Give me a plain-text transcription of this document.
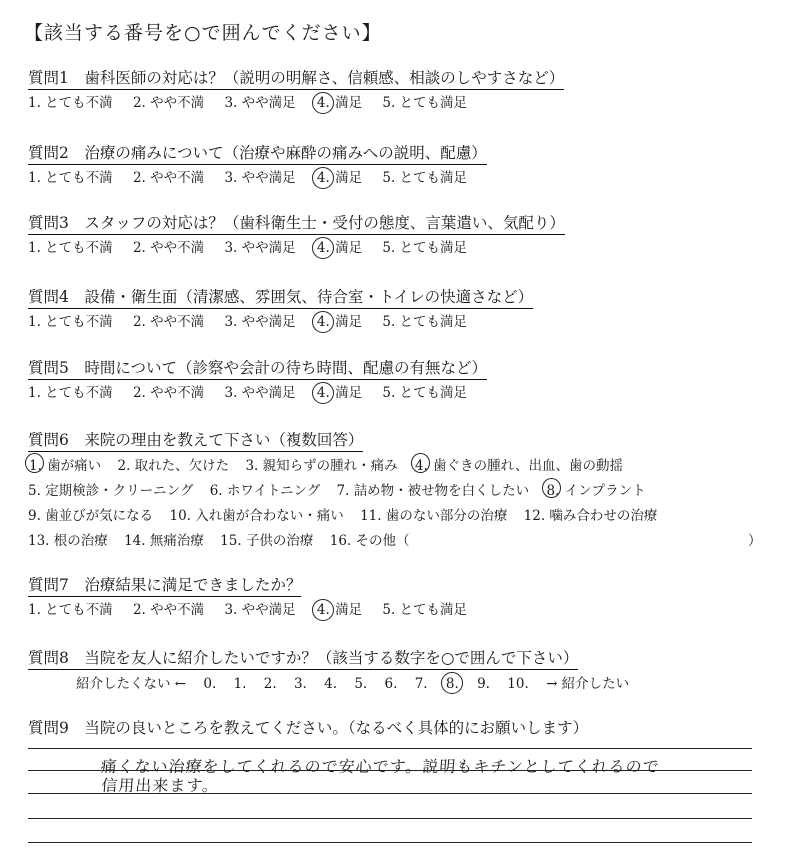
【該当する番号を○で囲んでください】
質問1　歯科医師の対応は？（説明の明解さ、信頼感、相談のしやすさなど）
1. とても不満 2. やや不満 3. やや満足 4. 満足 5. とても満足
質問2　治療の痛みについて（治療や麻酔の痛みへの説明、配慮）
1. とても不満 2. やや不満 3. やや満足 4. 満足 5. とても満足
質問3　スタッフの対応は？（歯科衛生士・受付の態度、言葉遣い、気配り）
1. とても不満 2. やや不満 3. やや満足 4. 満足 5. とても満足
質問4　設備・衛生面（清潔感、雰囲気、待合室・トイレの快適さなど）
1. とても不満 2. やや不満 3. やや満足 4. 満足 5. とても満足
質問5　時間について（診察や会計の待ち時間、配慮の有無など）
1. とても不満 2. やや不満 3. やや満足 4. 満足 5. とても満足
質問6　来院の理由を教えて下さい（複数回答）
1. 歯が痛い 2. 取れた、欠けた 3. 親知らずの腫れ・痛み 4. 歯ぐきの腫れ、出血、歯の動揺
5. 定期検診・クリーニング 6. ホワイトニング 7. 詰め物・被せ物を白くしたい 8. インプラント
9. 歯並びが気になる 10. 入れ歯が合わない・痛い 11. 歯のない部分の治療 12. 噛み合わせの治療
13. 根の治療 14. 無痛治療 15. 子供の治療 16. その他（	）
質問7　治療結果に満足できましたか？
1. とても不満 2. やや不満 3. やや満足 4. 満足 5. とても満足
質問8　当院を友人に紹介したいですか？（該当する数字を○で囲んで下さい）
紹介したくない ← 0. 1. 2. 3. 4. 5. 6. 7. 8. 9. 10. → 紹介したい
質問9　当院の良いところを教えてください。（なるべく具体的にお願いします）
痛くない治療をしてくれるので安心です。説明もキチンとしてくれるので
信用出来ます。
